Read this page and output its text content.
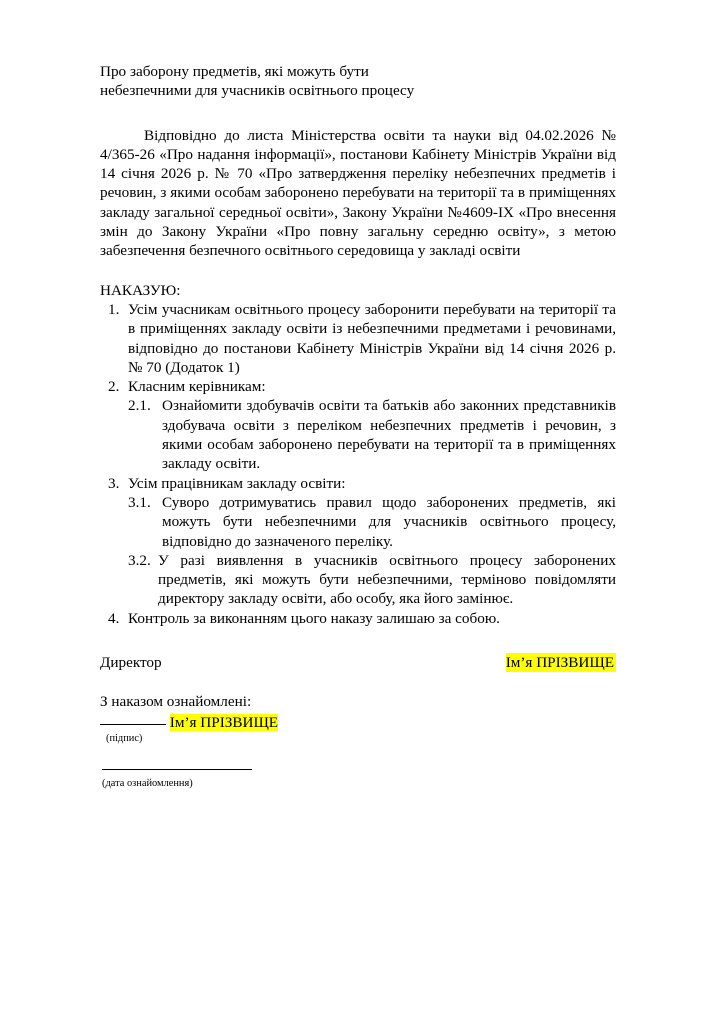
Про заборону предметів, які можуть бути
небезпечними для учасників освітнього процесу

Відповідно до листа Міністерства освіти та науки від 04.02.2026 № 4/365-26 «Про надання інформації», постанови Кабінету Міністрів України від 14 січня 2026 р. № 70 «Про затвердження переліку небезпечних предметів і речовин, з якими особам заборонено перебувати на території та в приміщеннях закладу загальної середньої освіти», Закону України №4609-IX «Про внесення змін до Закону України «Про повну загальну середню освіту», з метою забезпечення безпечного освітнього середовища у закладі освіти

НАКАЗУЮ:
1. Усім учасникам освітнього процесу заборонити перебувати на території та в приміщеннях закладу освіти із небезпечними предметами і речовинами, відповідно до постанови Кабінету Міністрів України від 14 січня 2026 р. № 70 (Додаток 1)
2. Класним керівникам:
2.1. Ознайомити здобувачів освіти та батьків або законних представників здобувача освіти з переліком небезпечних предметів і речовин, з якими особам заборонено перебувати на території та в приміщеннях закладу освіти.
3. Усім працівникам закладу освіти:
3.1. Суворо дотримуватись правил щодо заборонених предметів, які можуть бути небезпечними для учасників освітнього процесу, відповідно до зазначеного переліку.
3.2. У разі виявлення в учасників освітнього процесу заборонених предметів, які можуть бути небезпечними, терміново повідомляти директору закладу освіти, або особу, яка його замінює.
4. Контроль за виконанням цього наказу залишаю за собою.
Директор	Ім’я ПРІЗВИЩЕ
З наказом ознайомлені:
Ім’я ПРІЗВИЩЕ
(підпис)
(дата ознайомлення)
